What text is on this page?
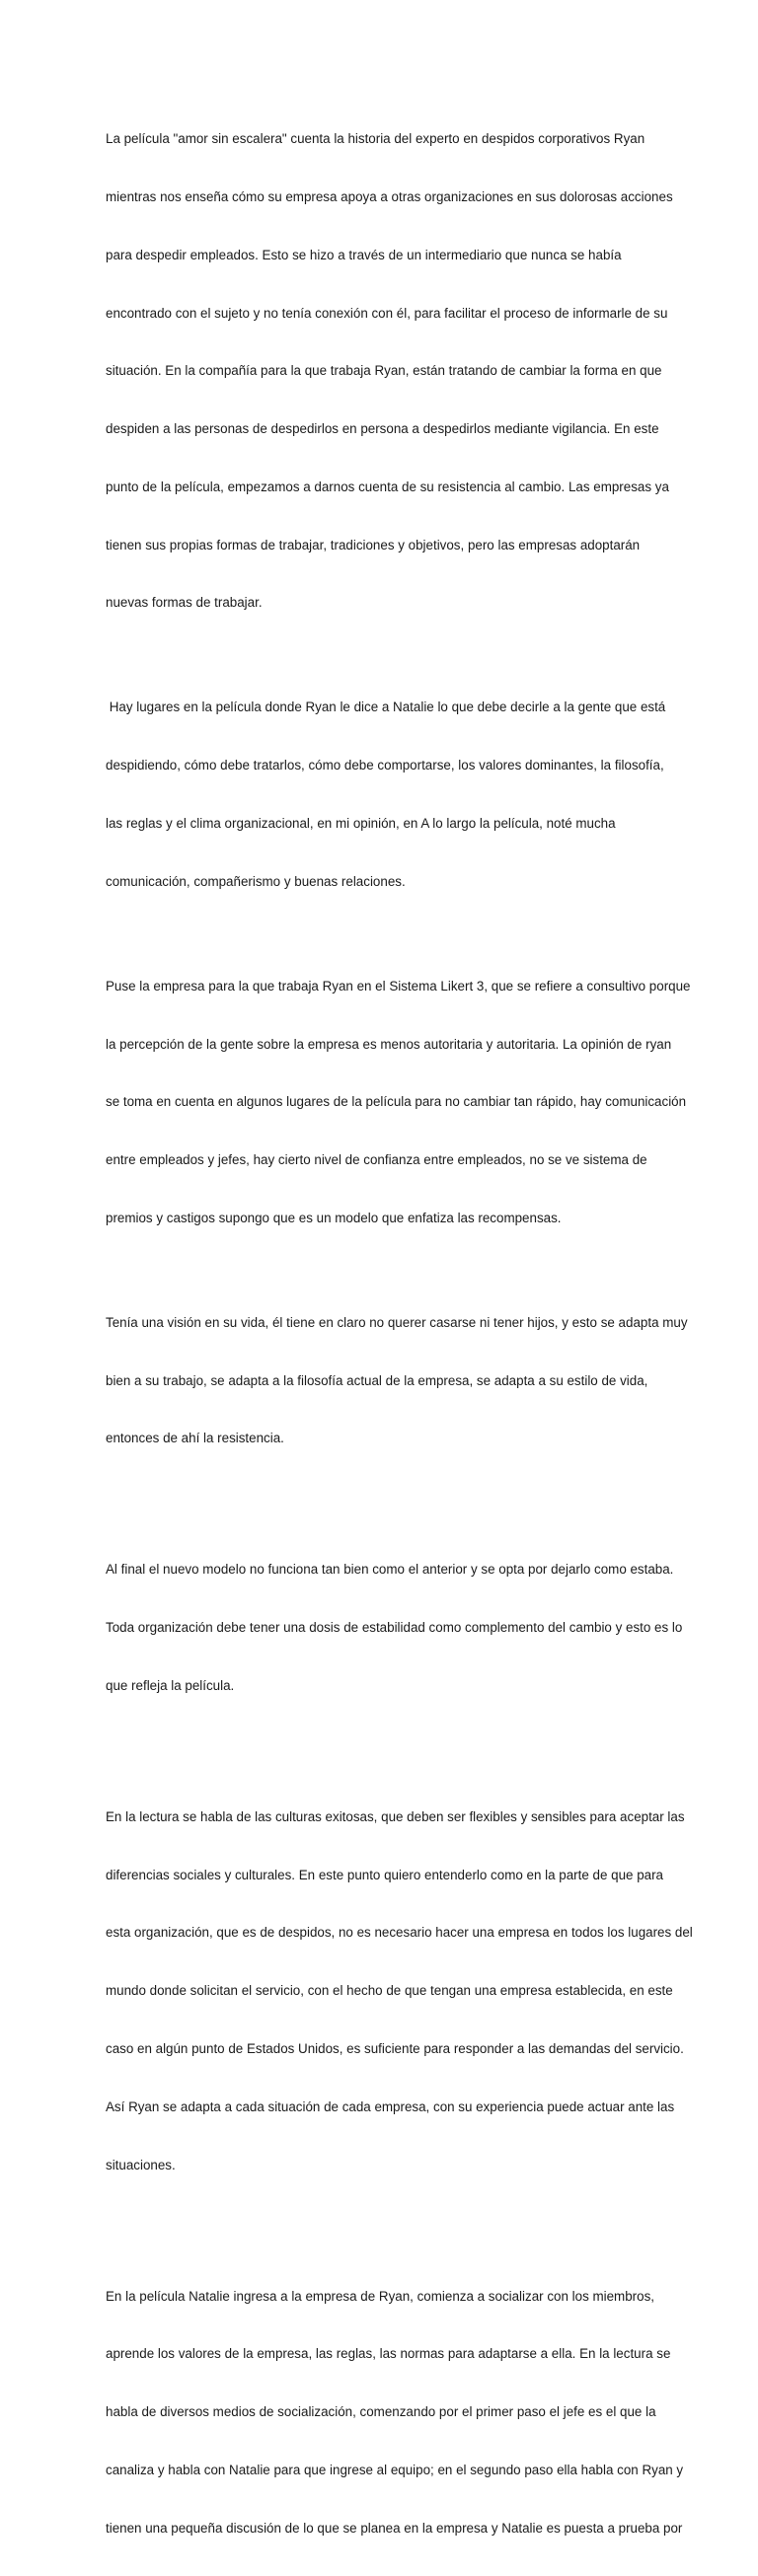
La película "amor sin escalera" cuenta la historia del experto en despidos corporativos Ryan

mientras nos enseña cómo su empresa apoya a otras organizaciones en sus dolorosas acciones

para despedir empleados. Esto se hizo a través de un intermediario que nunca se había

encontrado con el sujeto y no tenía conexión con él, para facilitar el proceso de informarle de su

situación. En la compañía para la que trabaja Ryan, están tratando de cambiar la forma en que

despiden a las personas de despedirlos en persona a despedirlos mediante vigilancia. En este

punto de la película, empezamos a darnos cuenta de su resistencia al cambio. Las empresas ya

tienen sus propias formas de trabajar, tradiciones y objetivos, pero las empresas adoptarán

nuevas formas de trabajar.

Hay lugares en la película donde Ryan le dice a Natalie lo que debe decirle a la gente que está

despidiendo, cómo debe tratarlos, cómo debe comportarse, los valores dominantes, la filosofía,

las reglas y el clima organizacional, en mi opinión, en A lo largo la película, noté mucha

comunicación, compañerismo y buenas relaciones.

Puse la empresa para la que trabaja Ryan en el Sistema Likert 3, que se refiere a consultivo porque

la percepción de la gente sobre la empresa es menos autoritaria y autoritaria. La opinión de ryan

se toma en cuenta en algunos lugares de la película para no cambiar tan rápido, hay comunicación

entre empleados y jefes, hay cierto nivel de confianza entre empleados, no se ve sistema de

premios y castigos supongo que es un modelo que enfatiza las recompensas.

Tenía una visión en su vida, él tiene en claro no querer casarse ni tener hijos, y esto se adapta muy

bien a su trabajo, se adapta a la filosofía actual de la empresa, se adapta a su estilo de vida,

entonces de ahí la resistencia.

Al final el nuevo modelo no funciona tan bien como el anterior y se opta por dejarlo como estaba.

Toda organización debe tener una dosis de estabilidad como complemento del cambio y esto es lo

que refleja la película.

En la lectura se habla de las culturas exitosas, que deben ser flexibles y sensibles para aceptar las

diferencias sociales y culturales. En este punto quiero entenderlo como en la parte de que para

esta organización, que es de despidos, no es necesario hacer una empresa en todos los lugares del

mundo donde solicitan el servicio, con el hecho de que tengan una empresa establecida, en este

caso en algún punto de Estados Unidos, es suficiente para responder a las demandas del servicio.

Así Ryan se adapta a cada situación de cada empresa, con su experiencia puede actuar ante las

situaciones.

En la película Natalie ingresa a la empresa de Ryan, comienza a socializar con los miembros,

aprende los valores de la empresa, las reglas, las normas para adaptarse a ella. En la lectura se

habla de diversos medios de socialización, comenzando por el primer paso el jefe es el que la

canaliza y habla con Natalie para que ingrese al equipo; en el segundo paso ella habla con Ryan y

tienen una pequeña discusión de lo que se planea en la empresa y Natalie es puesta a prueba por
